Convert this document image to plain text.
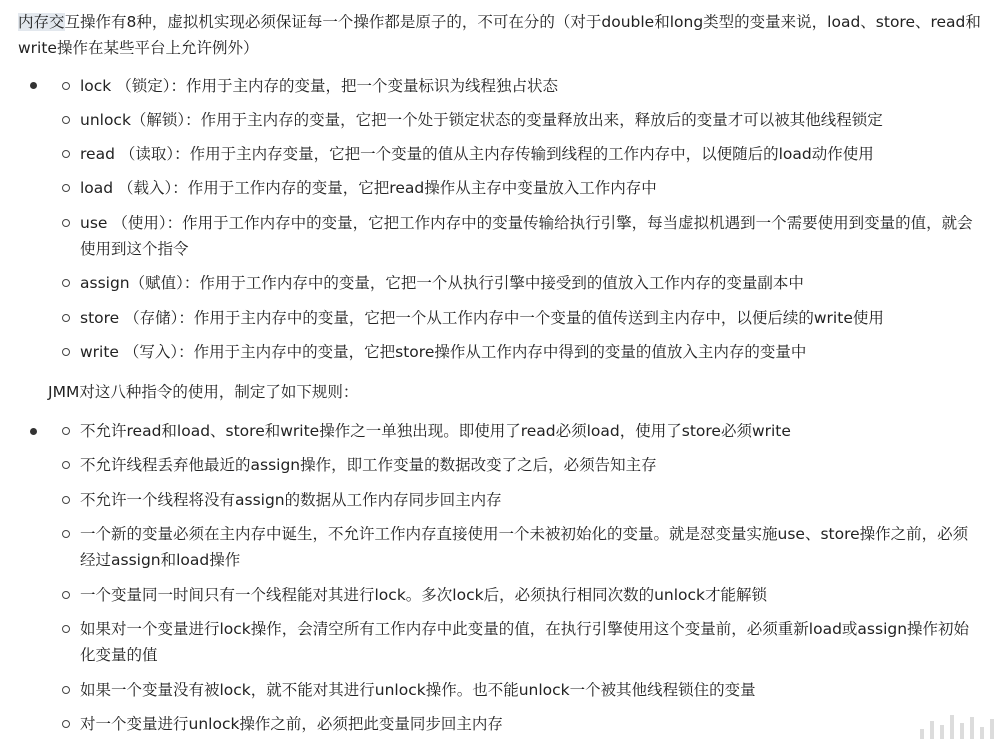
内存交互操作有8种，虚拟机实现必须保证每一个操作都是原子的，不可在分的（对于double和long类型的变量来说，load、store、read和write操作在某些平台上允许例外）

lock （锁定）：作用于主内存的变量，把一个变量标识为线程独占状态
unlock（解锁）：作用于主内存的变量，它把一个处于锁定状态的变量释放出来，释放后的变量才可以被其他线程锁定
read （读取）：作用于主内存变量，它把一个变量的值从主内存传输到线程的工作内存中，以便随后的load动作使用
load （载入）：作用于工作内存的变量，它把read操作从主存中变量放入工作内存中
use （使用）：作用于工作内存中的变量，它把工作内存中的变量传输给执行引擎，每当虚拟机遇到一个需要使用到变量的值，就会使用到这个指令
assign（赋值）：作用于工作内存中的变量，它把一个从执行引擎中接受到的值放入工作内存的变量副本中
store （存储）：作用于主内存中的变量，它把一个从工作内存中一个变量的值传送到主内存中，以便后续的write使用
write （写入）：作用于主内存中的变量，它把store操作从工作内存中得到的变量的值放入主内存的变量中

JMM对这八种指令的使用，制定了如下规则：

不允许read和load、store和write操作之一单独出现。即使用了read必须load，使用了store必须write
不允许线程丢弃他最近的assign操作，即工作变量的数据改变了之后，必须告知主存
不允许一个线程将没有assign的数据从工作内存同步回主内存
一个新的变量必须在主内存中诞生，不允许工作内存直接使用一个未被初始化的变量。就是怼变量实施use、store操作之前，必须经过assign和load操作
一个变量同一时间只有一个线程能对其进行lock。多次lock后，必须执行相同次数的unlock才能解锁
如果对一个变量进行lock操作，会清空所有工作内存中此变量的值，在执行引擎使用这个变量前，必须重新load或assign操作初始化变量的值
如果一个变量没有被lock，就不能对其进行unlock操作。也不能unlock一个被其他线程锁住的变量
对一个变量进行unlock操作之前，必须把此变量同步回主内存
